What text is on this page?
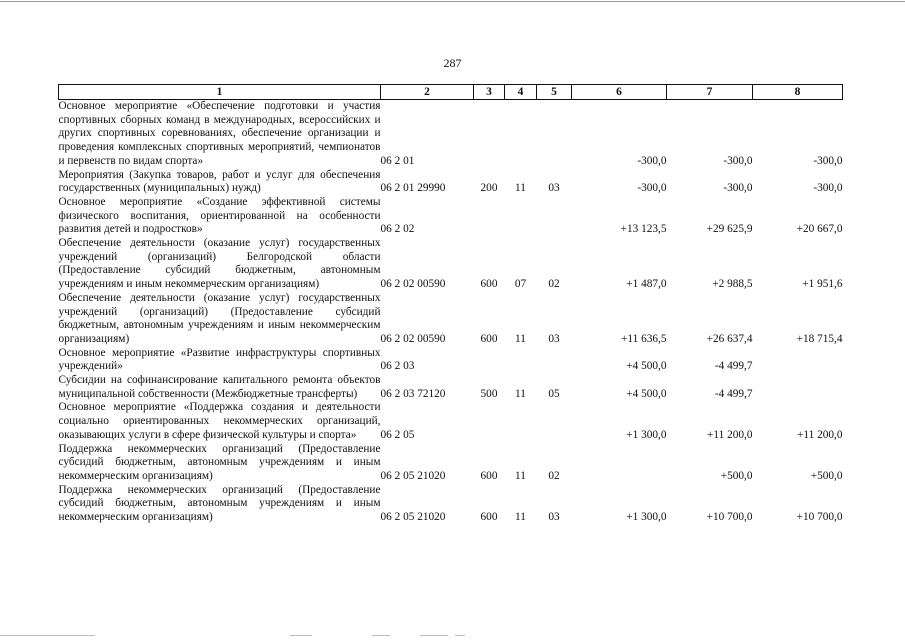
287
1	2	3	4	5	6	7	8
Основное мероприятие «Обеспечение подготовки и участия спортивных сборных команд в международных, всероссийских и других спортивных соревнованиях, обеспечение организации и проведения комплексных спортивных мероприятий, чемпионатов и первенств по видам спорта»	06 2 01				-300,0	-300,0	-300,0
Мероприятия (Закупка товаров, работ и услуг для обеспечения государственных (муниципальных) нужд)	06 2 01 29990	200	11	03	-300,0	-300,0	-300,0
Основное мероприятие «Создание эффективной системы физического воспитания, ориентированной на особенности развития детей и подростков»	06 2 02				+13 123,5	+29 625,9	+20 667,0
Обеспечение деятельности (оказание услуг) государственных учреждений (организаций) Белгородской области (Предоставление субсидий бюджетным, автономным учреждениям и иным некоммерческим организациям)	06 2 02 00590	600	07	02	+1 487,0	+2 988,5	+1 951,6
Обеспечение деятельности (оказание услуг) государственных учреждений (организаций) (Предоставление субсидий бюджетным, автономным учреждениям и иным некоммерческим организациям)	06 2 02 00590	600	11	03	+11 636,5	+26 637,4	+18 715,4
Основное мероприятие «Развитие инфраструктуры спортивных учреждений»	06 2 03				+4 500,0	-4 499,7	
Субсидии на софинансирование капитального ремонта объектов муниципальной собственности (Межбюджетные трансферты)	06 2 03 72120	500	11	05	+4 500,0	-4 499,7	
Основное мероприятие «Поддержка создания и деятельности социально ориентированных некоммерческих организаций, оказывающих услуги в сфере физической культуры и спорта»	06 2 05				+1 300,0	+11 200,0	+11 200,0
Поддержка некоммерческих организаций (Предоставление субсидий бюджетным, автономным учреждениям и иным некоммерческим организациям)	06 2 05 21020	600	11	02		+500,0	+500,0
Поддержка некоммерческих организаций (Предоставление субсидий бюджетным, автономным учреждениям и иным некоммерческим организациям)	06 2 05 21020	600	11	03	+1 300,0	+10 700,0	+10 700,0
